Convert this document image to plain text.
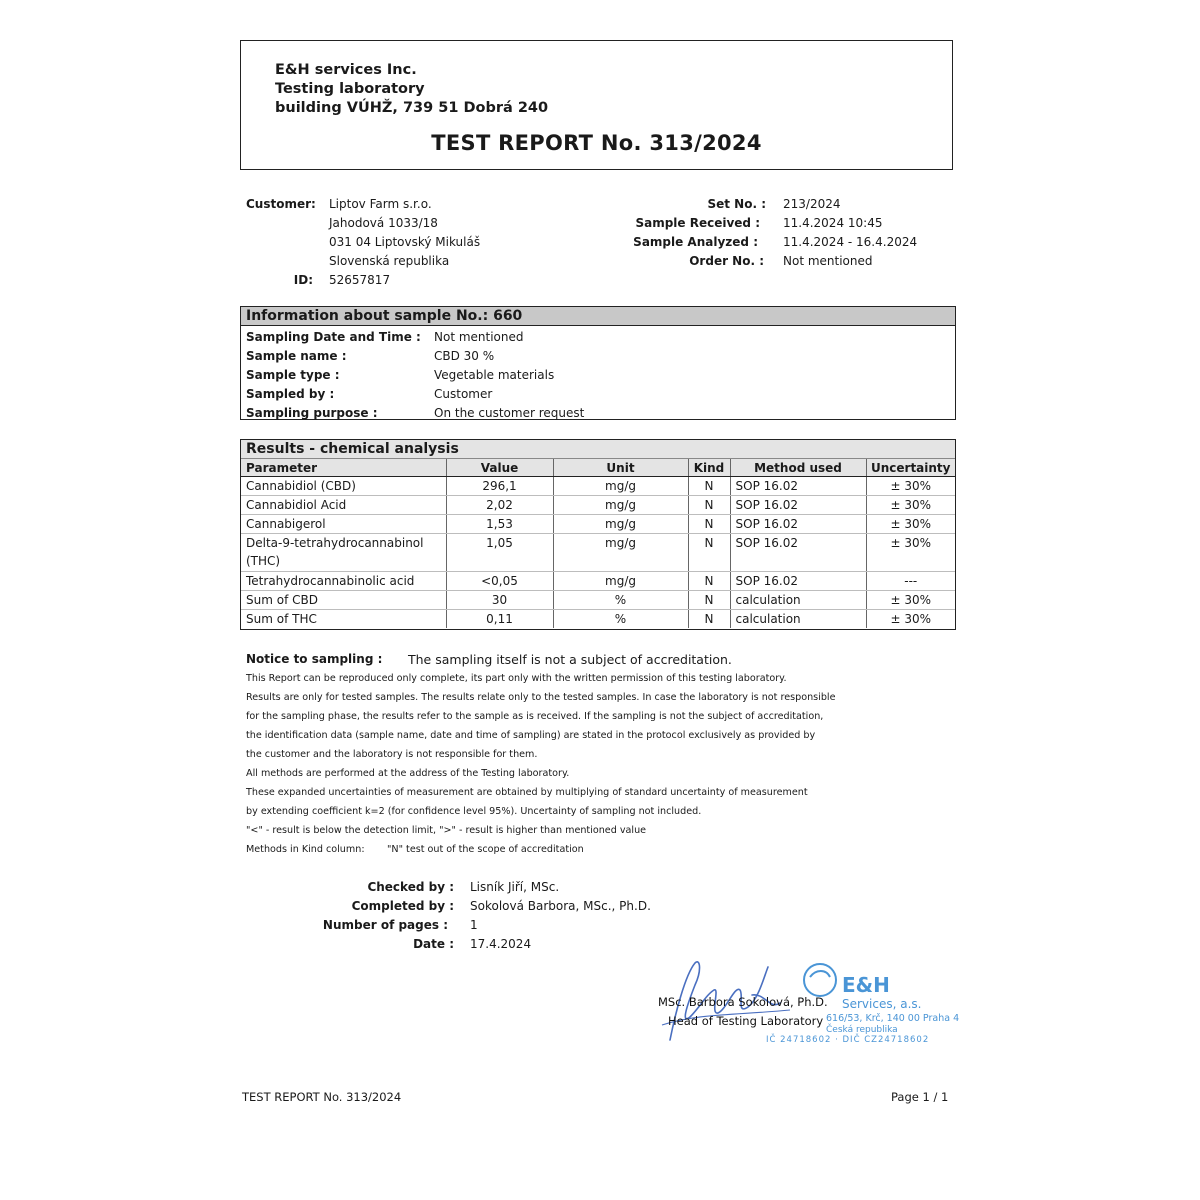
E&H services Inc.
Testing laboratory
building VÚHŽ, 739 51 Dobrá 240
TEST REPORT No. 313/2024
Customer: Liptov Farm s.r.o.
Jahodová 1033/18
031 04 Liptovský Mikuláš
Slovenská republika
ID: 52657817
Set No. : 213/2024
Sample Received : 11.4.2024 10:45
Sample Analyzed : 11.4.2024 - 16.4.2024
Order No. : Not mentioned
Information about sample No.: 660
Sampling Date and Time : Not mentioned
Sample name :	CBD 30 %
Sample type :	Vegetable materials
Sampled by :	Customer
Sampling purpose :	On the customer request
Results - chemical analysis
Parameter	Value	Unit	Kind	Method used	Uncertainty
Cannabidiol (CBD)	296,1	mg/g	N	SOP 16.02	± 30%
Cannabidiol Acid	2,02	mg/g	N	SOP 16.02	± 30%
Cannabigerol	1,53	mg/g	N	SOP 16.02	± 30%
Delta-9-tetrahydrocannabinol
(THC)	1,05	mg/g	N	SOP 16.02	± 30%
Tetrahydrocannabinolic acid	<0,05	mg/g	N	SOP 16.02	---
Sum of CBD	30	%	N	calculation	± 30%
Sum of THC	0,11	%	N	calculation	± 30%
Notice to sampling : The sampling itself is not a subject of accreditation.
This Report can be reproduced only complete, its part only with the written permission of this testing laboratory.
Results are only for tested samples. The results relate only to the tested samples. In case the laboratory is not responsible
for the sampling phase, the results refer to the sample as is received. If the sampling is not the subject of accreditation,
the identification data (sample name, date and time of sampling) are stated in the protocol exclusively as provided by
the customer and the laboratory is not responsible for them.
All methods are performed at the address of the Testing laboratory.
These expanded uncertainties of measurement are obtained by multiplying of standard uncertainty of measurement
by extending coefficient k=2 (for confidence level 95%). Uncertainty of sampling not included.
"<" - result is below the detection limit, ">" - result is higher than mentioned value
Methods in Kind column: "N" test out of the scope of accreditation
Checked by : Lisník Jiří, MSc.
Completed by : Sokolová Barbora, MSc., Ph.D.
Number of pages : 1
Date : 17.4.2024
E&H
Services, a.s.
616/53, Krč, 140 00 Praha 4
Česká republika
IČ 24718602 · DIČ CZ24718602
MSc. Barbora Sokolová, Ph.D.
Head of Testing Laboratory
TEST REPORT No. 313/2024	Page 1 / 1
